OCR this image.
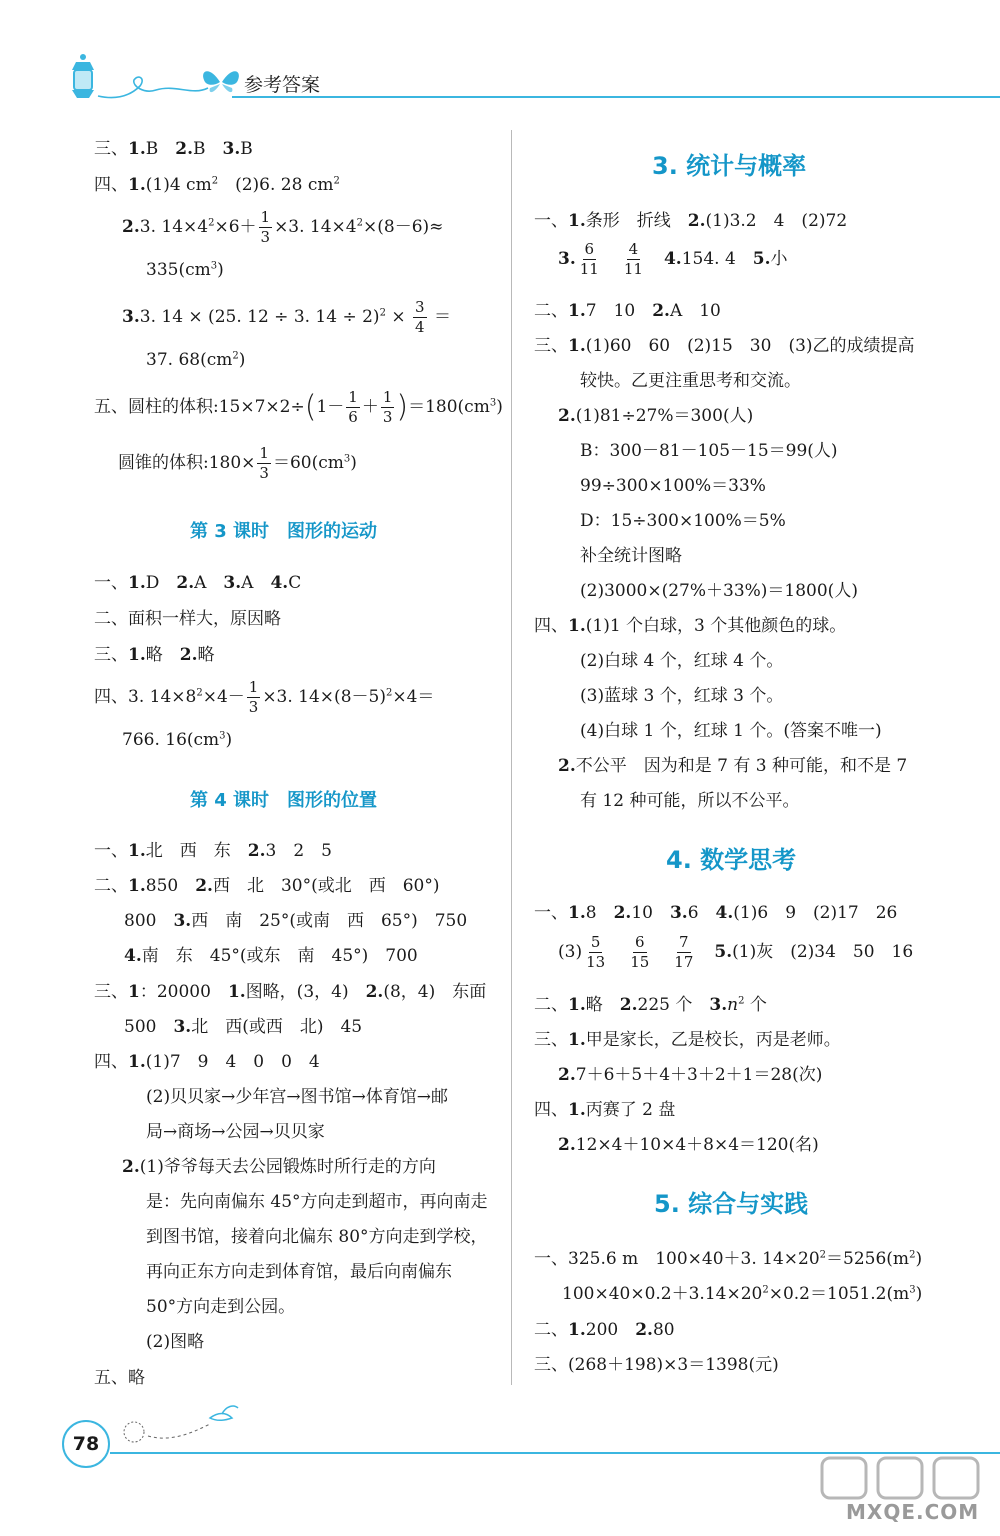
参考答案
三、1.B　 2.B　 3.B
四、1.(1)4 $cm^2$　 (2)6. 28 $cm^2$
2.3. $14\times 4^2\times 6+ \frac{1}{3} \times 3$. $14\times 4^2\times(8-6)\approx$
$335(cm^3)$
3.3. 14 × (25. 12 ÷ 3. $14 \div 2)^2 \times \frac{3}{4}$ ＝
37. $68(cm^2)$
五、圆柱的体积:15×7×2÷(1－ $\frac{1}{6} + \frac{1}{3} )=180(cm^3)$
圆锥的体积:180× $\frac{1}{3} =60(cm^3)$
第 3 课时　图形的运动
一、1.D　 2.A　 3.A　 4.C
二、面积一样大，原因略
三、1.略　 2.略
四、3. $14\times 8^2\times 4- \frac{1}{3} \times 3$. $14\times(8-5)^2\times 4=$
766. $16(cm^3)$
第 4 课时　图形的位置
一、1.北　西　东　 2.3　2　5
二、1.850　 2.西　北　30°(或北　西　60°)
800　 3.西　南　25°(或南　西　65°)　750
4.南　东　45°(或东　南　45°)　700
三、1：20000　 1.图略，(3，4)　 2.(8，4)　东面
500　 3.北　西(或西　北)　45
四、1.(1)7　9　4　0　0　4
(2)贝贝家→少年宫→图书馆→体育馆→邮
局→商场→公园→贝贝家
2.(1)爷爷每天去公园锻炼时所行走的方向
是：先向南偏东 45°方向走到超市，再向南走
到图书馆，接着向北偏东 80°方向走到学校，
再向正东方向走到体育馆，最后向南偏东
50°方向走到公园。
(2)图略
五、略
3. 统计与概率
一、1.条形　折线　 2.(1)3.2　4　(2)72
3. $\frac{6}{11}$
　 $\frac{4}{11}$
　 4.154. 4　 5.小
二、1.7　10　 2.A　10
三、1.(1)60　60　(2)15　30　(3)乙的成绩提高
较快。乙更注重思考和交流。
2.(1)81÷27%＝300(人)
B：300－81－105－15＝99(人)
99÷300×100%＝33%
D：15÷300×100%＝5%
补全统计图略
(2)3000×(27%＋33%)＝1800(人)
四、1.(1)1 个白球，3 个其他颜色的球。
(2)白球 4 个，红球 4 个。
(3)蓝球 3 个，红球 3 个。
(4)白球 1 个，红球 1 个。(答案不唯一)
2.不公平　因为和是 7 有 3 种可能，和不是 7
有 12 种可能，所以不公平。
4. 数学思考
一、1.8　 2.10　 3.6　 4.(1)6　9　(2)17　26
$(3) \frac{5}{13}$
　 $\frac{6}{15}$
　 $\frac{7}{17}$
　 5.(1)灰　(2)34　50　16
二、1.略　 2.225 个　 $3.n^2$ 个
三、1.甲是家长，乙是校长，丙是老师。
2.7＋6＋5＋4＋3＋2＋1＝28(次)
四、1.丙赛了 2 盘
2.12×4＋10×4＋8×4＝120(名)
5. 综合与实践
一、325.6 m　100×40＋3. $14\times 20^2=5256(m^2)$
$100\times 40\times 0.2+3.14\times 20^2\times 0.2=1051.2(m^3)$
二、1.200　 2.80
三、(268＋198)×3＝1398(元)
78
MXQE.COM
